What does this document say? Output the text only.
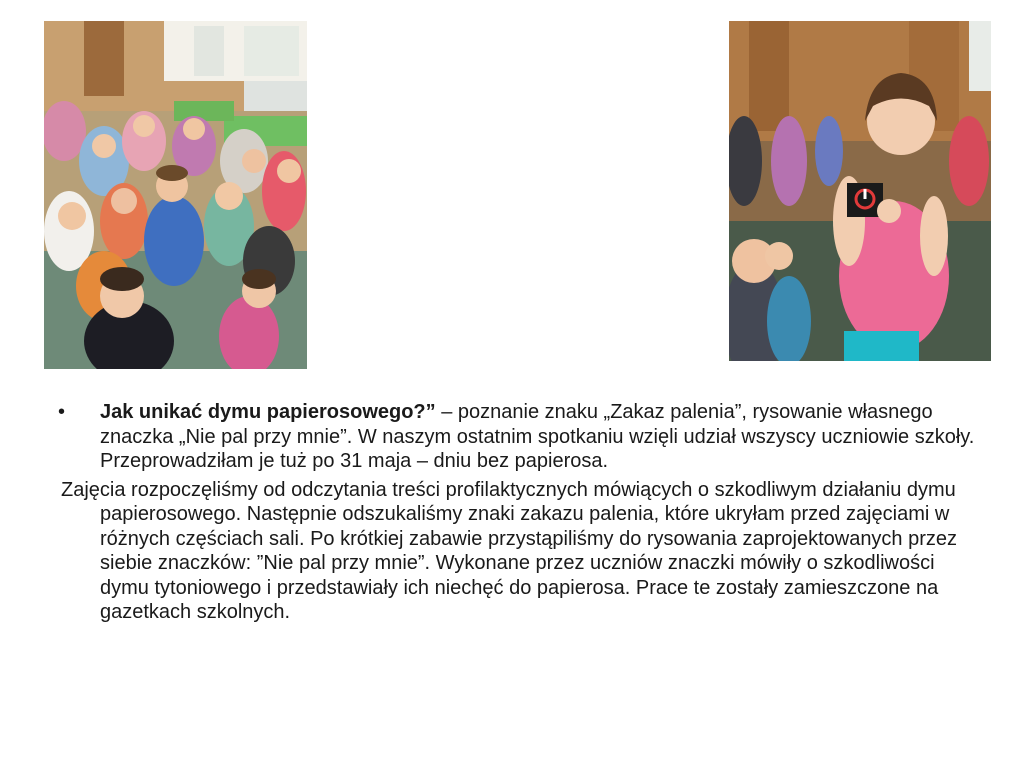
• Jak unikać dymu papierosowego?” – poznanie znaku „Zakaz palenia”, rysowanie własnego znaczka „Nie pal przy mnie”. W naszym ostatnim spotkaniu wzięli udział wszyscy uczniowie szkoły. Przeprowadziłam je tuż po 31 maja – dniu bez papierosa.

Zajęcia rozpoczęliśmy od odczytania treści profilaktycznych mówiących o szkodliwym działaniu dymu papierosowego. Następnie odszukaliśmy znaki zakazu palenia, które ukryłam przed zajęciami w różnych częściach sali. Po krótkiej zabawie przystąpiliśmy do rysowania zaprojektowanych przez siebie znaczków: ”Nie pal przy mnie”. Wykonane przez uczniów znaczki mówiły o szkodliwości dymu tytoniowego i przedstawiały ich niechęć do papierosa. Prace te zostały zamieszczone na gazetkach szkolnych.
